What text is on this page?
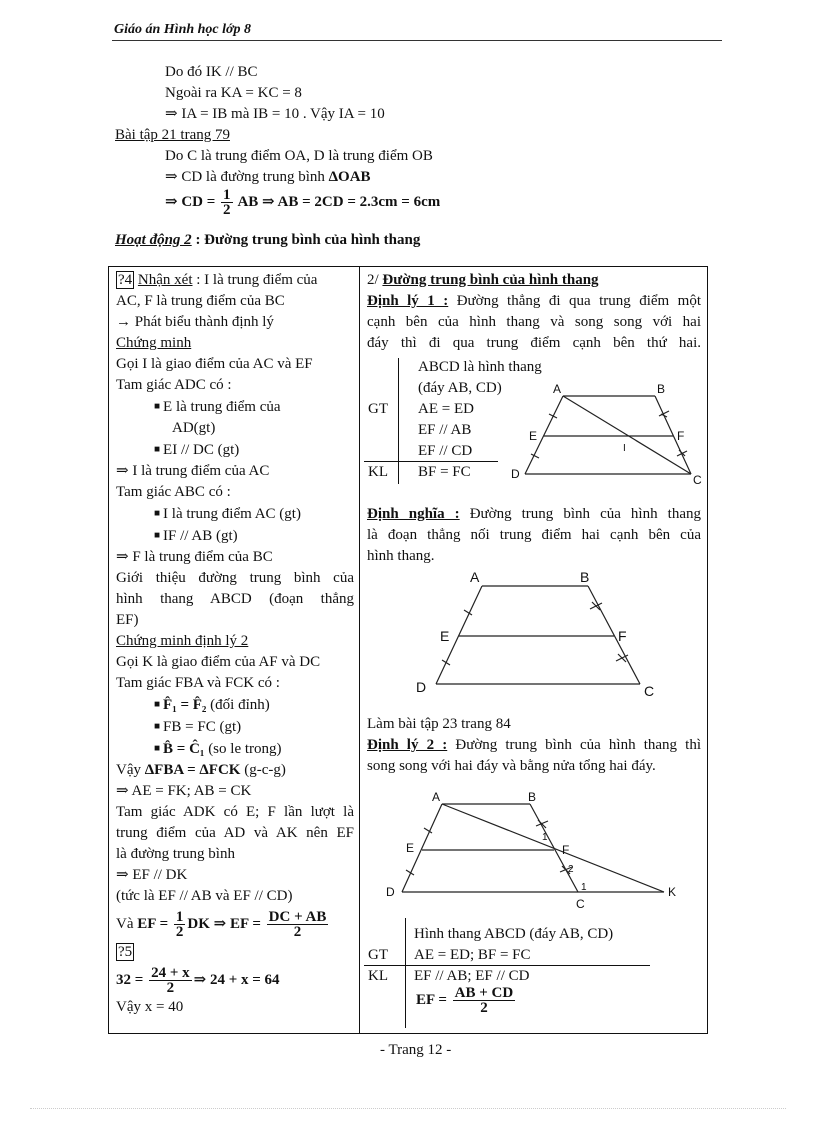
Giáo án Hình học lớp 8
Do đó IK // BC
Ngoài ra KA = KC = 8
⇒ IA = IB mà IB = 10 . Vậy IA = 10
Bài tập 21 trang 79
Do C là trung điểm OA, D là trung điểm OB
⇒ CD là đường trung bình ΔOAB
⇒ CD = $\frac{1}{2}$ AB ⇒ AB = 2CD = 2.3cm = 6cm
Hoạt động 2 : Đường trung bình của hình thang

?4 Nhận xét : I là trung điểm của

AC, F là trung điểm của BC

→ Phát biểu thành định lý

Chứng minh

Gọi I là giao điểm của AC và EF

Tam giác ADC có :

■ E là trung điểm của

AD(gt)

■ EI // DC (gt)

⇒ I là trung điểm của AC

Tam giác ABC có :

■ I là trung điểm AC (gt)

■ IF // AB (gt)

⇒ F là trung điểm của BC

Giới thiệu đường trung bình của

hình thang ABCD (đoạn thẳng

EF)

Chứng minh định lý 2

Gọi K là giao điểm của AF và DC

Tam giác FBA và FCK có :

■ F̂₁ = F̂₂ (đối đỉnh)

■ FB = FC (gt)

■ B̂ = Ĉ₁ (so le trong)

Vậy ΔFBA = ΔFCK (g-c-g)

⇒ AE = FK; AB = CK

Tam giác ADK có E; F lần lượt là

trung điểm của AD và AK nên EF

là đường trung bình

⇒ EF // DK

(tức là EF // AB và EF // CD)

Và EF = $\frac{1}{2}$ DK ⇒ EF = $\frac{DC + AB}{2}$

?5

$32 = \frac{24 + x}{2}$ ⇒ 24 + x = 64

Vậy x = 40

2/ Đường trung bình của hình thang

Định lý 1 : Đường thẳng đi qua trung điểm một

cạnh bên của hình thang và song song với hai

đáy thì đi qua trung điểm cạnh bên thứ hai.

ABCD là hình thang
(đáy AB, CD)
GT AE = ED
EF // AB
EF // CD
KL BF = FC
A	B
E	F
I
D	C

Định nghĩa : Đường trung bình của hình thang

là đoạn thẳng nối trung điểm hai cạnh bên của

hình thang.

A	B
E	F
D	C

Làm bài tập 23 trang 84

Định lý 2 : Đường trung bình của hình thang thì

song song với hai đáy và bằng nửa tổng hai đáy.

A	B
E	F
1
2
1
D
C
K
Hình thang ABCD (đáy AB, CD)
GT AE = ED; BF = FC
KL EF // AB; EF // CD
EF = $\frac{AB + CD}{2}$
- Trang 12 -
